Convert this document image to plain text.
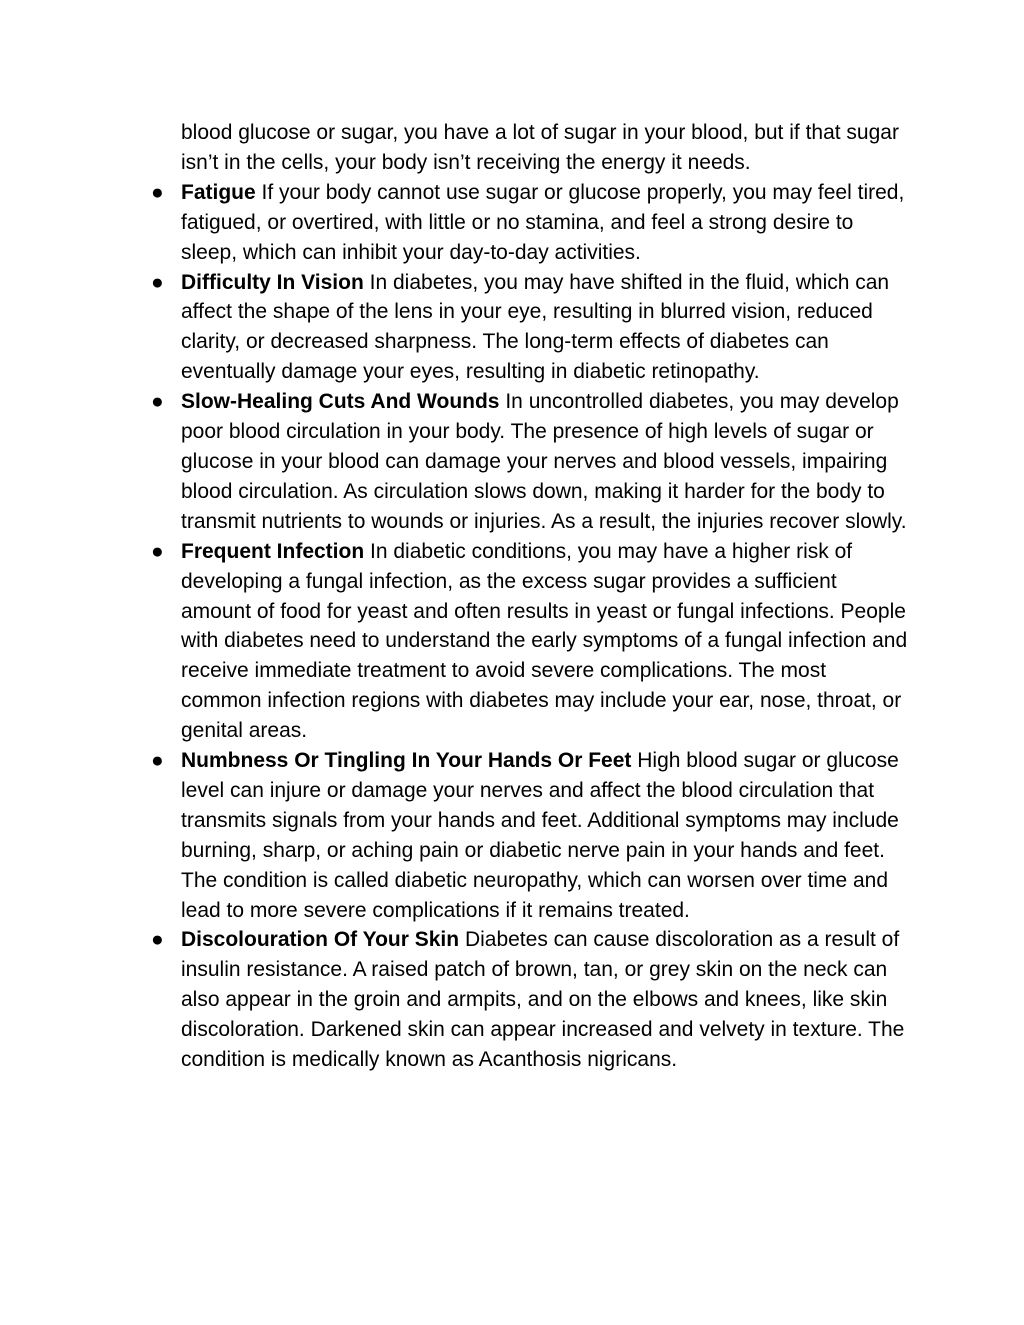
blood glucose or sugar, you have a lot of sugar in your blood, but if that sugar isn’t in the cells, your body isn’t receiving the energy it needs.

● Fatigue If your body cannot use sugar or glucose properly, you may feel tired, fatigued, or overtired, with little or no stamina, and feel a strong desire to sleep, which can inhibit your day-to-day activities.
● Difficulty In Vision In diabetes, you may have shifted in the fluid, which can affect the shape of the lens in your eye, resulting in blurred vision, reduced clarity, or decreased sharpness. The long-term effects of diabetes can eventually damage your eyes, resulting in diabetic retinopathy.
● Slow-Healing Cuts And Wounds In uncontrolled diabetes, you may develop poor blood circulation in your body. The presence of high levels of sugar or glucose in your blood can damage your nerves and blood vessels, impairing blood circulation. As circulation slows down, making it harder for the body to transmit nutrients to wounds or injuries. As a result, the injuries recover slowly.
● Frequent Infection In diabetic conditions, you may have a higher risk of developing a fungal infection, as the excess sugar provides a sufficient amount of food for yeast and often results in yeast or fungal infections. People with diabetes need to understand the early symptoms of a fungal infection and receive immediate treatment to avoid severe complications. The most common infection regions with diabetes may include your ear, nose, throat, or genital areas.
● Numbness Or Tingling In Your Hands Or Feet High blood sugar or glucose level can injure or damage your nerves and affect the blood circulation that transmits signals from your hands and feet. Additional symptoms may include burning, sharp, or aching pain or diabetic nerve pain in your hands and feet. The condition is called diabetic neuropathy, which can worsen over time and lead to more severe complications if it remains treated.
● Discolouration Of Your Skin Diabetes can cause discoloration as a result of insulin resistance. A raised patch of brown, tan, or grey skin on the neck can also appear in the groin and armpits, and on the elbows and knees, like skin discoloration. Darkened skin can appear increased and velvety in texture. The condition is medically known as Acanthosis nigricans.
